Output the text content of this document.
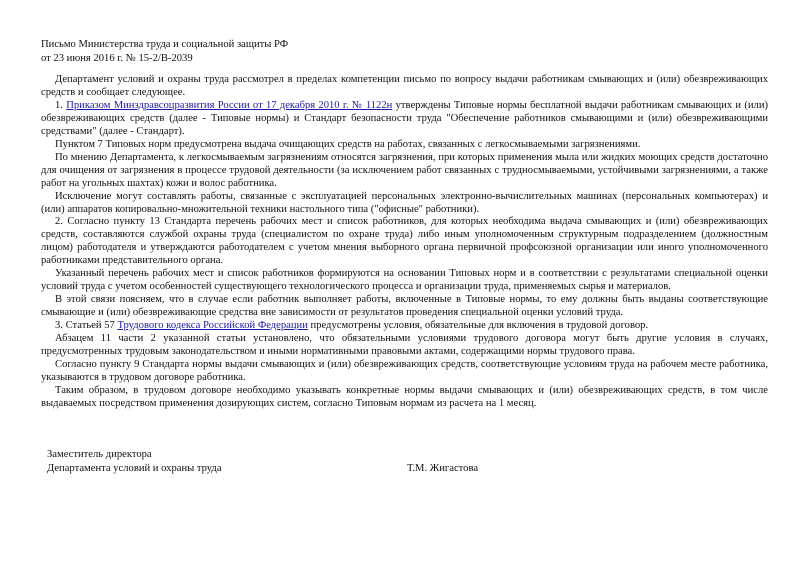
Письмо Министерства труда и социальной защиты РФ
от 23 июня 2016 г. № 15-2/В-2039

Департамент условий и охраны труда рассмотрел в пределах компетенции письмо по вопросу выдачи работникам смывающих и (или) обезвреживающих средств и сообщает следующее.

1. Приказом Минздравсоцразвития России от 17 декабря 2010 г. № 1122н утверждены Типовые нормы бесплатной выдачи работникам смывающих и (или) обезвреживающих средств (далее - Типовые нормы) и Стандарт безопасности труда "Обеспечение работников смывающими и (или) обезвреживающими средствами" (далее - Стандарт).

Пунктом 7 Типовых норм предусмотрена выдача очищающих средств на работах, связанных с легкосмываемыми загрязнениями.

По мнению Департамента, к легкосмываемым загрязнениям относятся загрязнения, при которых применения мыла или жидких моющих средств достаточно для очищения от загрязнения в процессе трудовой деятельности (за исключением работ связанных с трудносмываемыми, устойчивыми загрязнениями, а также работ на угольных шахтах) кожи и волос работника.

Исключение могут составлять работы, связанные с эксплуатацией персональных электронно-вычислительных машинах (персональных компьютерах) и (или) аппаратов копировально-множительной техники настольного типа ("офисные" работники).

2. Согласно пункту 13 Стандарта перечень рабочих мест и список работников, для которых необходима выдача смывающих и (или) обезвреживающих средств, составляются службой охраны труда (специалистом по охране труда) либо иным уполномоченным структурным подразделением (должностным лицом) работодателя и утверждаются работодателем с учетом мнения выборного органа первичной профсоюзной организации или иного уполномоченного работниками представительного органа.

Указанный перечень рабочих мест и список работников формируются на основании Типовых норм и в соответствии с результатами специальной оценки условий труда с учетом особенностей существующего технологического процесса и организации труда, применяемых сырья и материалов.

В этой связи поясняем, что в случае если работник выполняет работы, включенные в Типовые нормы, то ему должны быть выданы соответствующие смывающие и (или) обезвреживающие средства вне зависимости от результатов проведения специальной оценки условий труда.

3. Статьей 57 Трудового кодекса Российской Федерации предусмотрены условия, обязательные для включения в трудовой договор.

Абзацем 11 части 2 указанной статьи установлено, что обязательными условиями трудового договора могут быть другие условия в случаях, предусмотренных трудовым законодательством и иными нормативными правовыми актами, содержащими нормы трудового права.

Согласно пункту 9 Стандарта нормы выдачи смывающих и (или) обезвреживающих средств, соответствующие условиям труда на рабочем месте работника, указываются в трудовом договоре работника.

Таким образом, в трудовом договоре необходимо указывать конкретные нормы выдачи смывающих и (или) обезвреживающих средств, в том числе выдаваемых посредством применения дозирующих систем, согласно Типовым нормам из расчета на 1 месяц.

Заместитель директора
Департамента условий и охраны труда	Т.М. Жигастова
